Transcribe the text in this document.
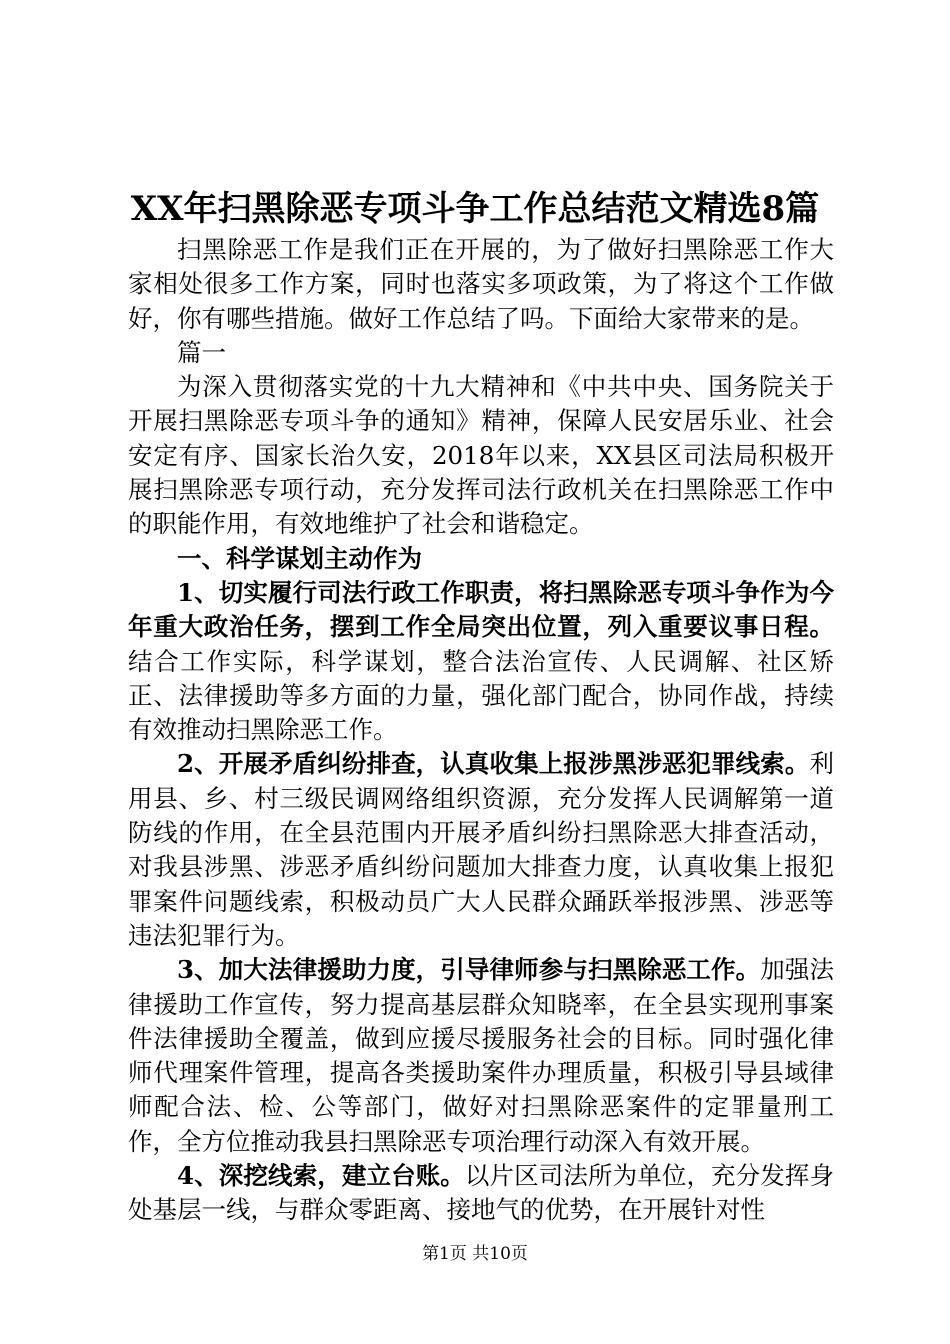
XX年扫黑除恶专项斗争工作总结范文精选8篇

扫黑除恶工作是我们正在开展的，为了做好扫黑除恶工作大家相处很多工作方案，同时也落实多项政策，为了将这个工作做好，你有哪些措施。做好工作总结了吗。下面给大家带来的是。

篇一

为深入贯彻落实党的十九大精神和《中共中央、国务院关于开展扫黑除恶专项斗争的通知》精神，保障人民安居乐业、社会安定有序、国家长治久安，2018年以来，XX县区司法局积极开展扫黑除恶专项行动，充分发挥司法行政机关在扫黑除恶工作中的职能作用，有效地维护了社会和谐稳定。

一、科学谋划主动作为

1、切实履行司法行政工作职责，将扫黑除恶专项斗争作为今年重大政治任务，摆到工作全局突出位置，列入重要议事日程。结合工作实际，科学谋划，整合法治宣传、人民调解、社区矫正、法律援助等多方面的力量，强化部门配合，协同作战，持续有效推动扫黑除恶工作。

2、开展矛盾纠纷排查，认真收集上报涉黑涉恶犯罪线索。利用县、乡、村三级民调网络组织资源，充分发挥人民调解第一道防线的作用，在全县范围内开展矛盾纠纷扫黑除恶大排查活动，对我县涉黑、涉恶矛盾纠纷问题加大排查力度，认真收集上报犯罪案件问题线索，积极动员广大人民群众踊跃举报涉黑、涉恶等违法犯罪行为。

3、加大法律援助力度，引导律师参与扫黑除恶工作。加强法律援助工作宣传，努力提高基层群众知晓率，在全县实现刑事案件法律援助全覆盖，做到应援尽援服务社会的目标。同时强化律师代理案件管理，提高各类援助案件办理质量，积极引导县域律师配合法、检、公等部门，做好对扫黑除恶案件的定罪量刑工作，全方位推动我县扫黑除恶专项治理行动深入有效开展。

4、深挖线索，建立台账。以片区司法所为单位，充分发挥身处基层一线，与群众零距离、接地气的优势，在开展针对性

第1页 共10页
